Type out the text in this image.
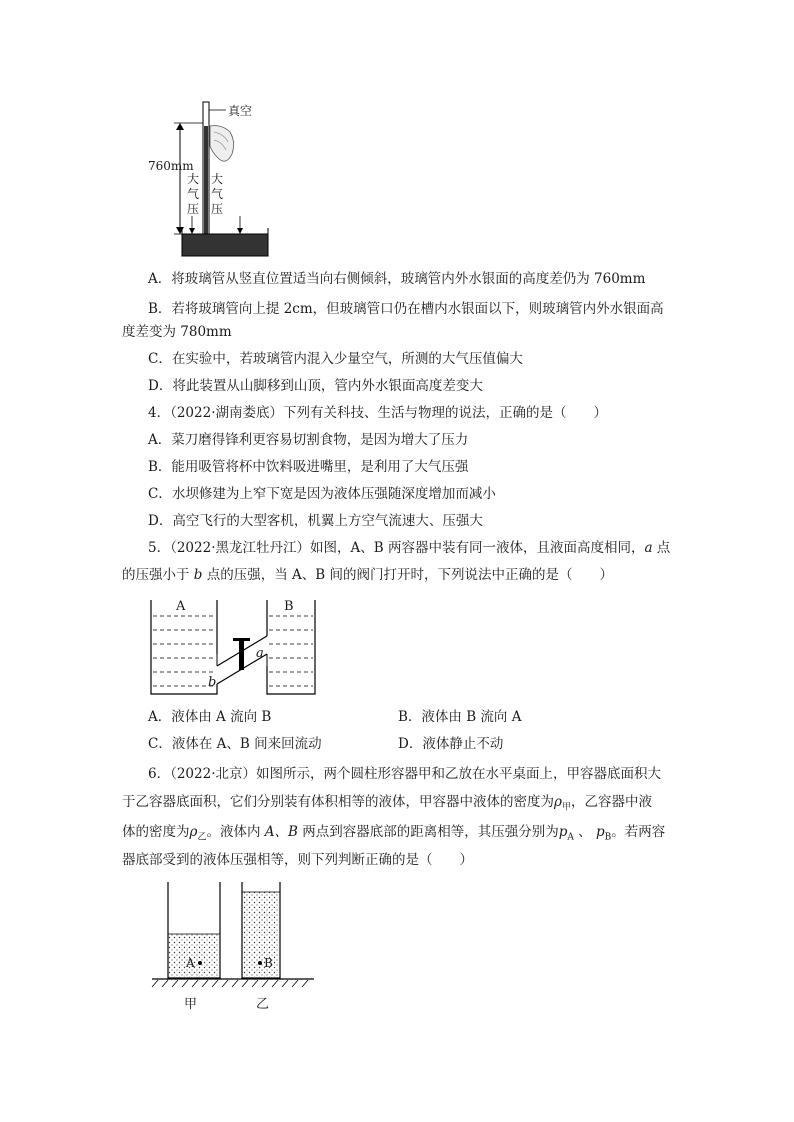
真空
760mm
大
气
压
大
气
压
A．将玻璃管从竖直位置适当向右侧倾斜，玻璃管内外水银面的高度差仍为 760mm
B．若将玻璃管向上提 2cm，但玻璃管口仍在槽内水银面以下，则玻璃管内外水银面高
度差变为 780mm
C．在实验中，若玻璃管内混入少量空气，所测的大气压值偏大
D．将此装置从山脚移到山顶，管内外水银面高度差变大
4．（2022·湖南娄底）下列有关科技、生活与物理的说法，正确的是（　　）
A．菜刀磨得锋利更容易切割食物，是因为增大了压力
B．能用吸管将杯中饮料吸进嘴里，是利用了大气压强
C．水坝修建为上窄下宽是因为液体压强随深度增加而减小
D．高空飞行的大型客机，机翼上方空气流速大、压强大
5．（2022·黑龙江牡丹江）如图，A、B 两容器中装有同一液体，且液面高度相同，a 点
的压强小于 b 点的压强，当 A、B 间的阀门打开时，下列说法中正确的是（　　）
A	B
a
b
A．液体由 A 流向 B	B．液体由 B 流向 A
C．液体在 A、B 间来回流动	D．液体静止不动
6．（2022·北京）如图所示，两个圆柱形容器甲和乙放在水平桌面上，甲容器底面积大
于乙容器底面积，它们分别装有体积相等的液体，甲容器中液体的密度为$\rho_甲$，乙容器中液
体的密度为$\rho_乙$。液体内 A、B 两点到容器底部的距离相等，其压强分别为$p_A$ 、 $p_B$。若两容
器底部受到的液体压强相等，则下列判断正确的是（　　）
A	B
甲	乙
